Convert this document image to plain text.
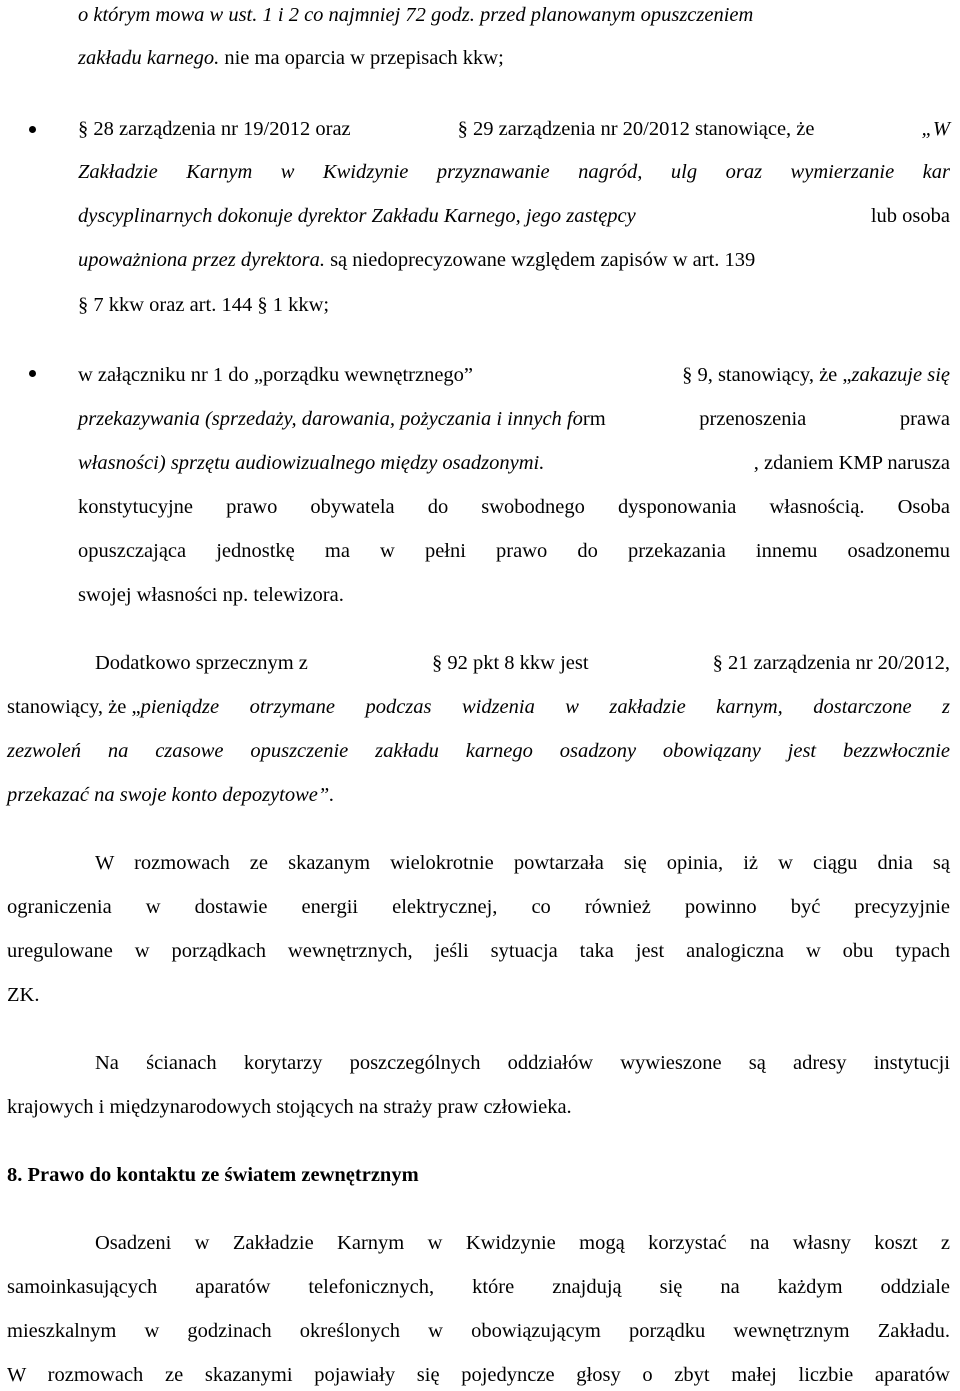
o którym mowa w ust. 1 i 2 co najmniej 72 godz. przed planowanym opuszczeniem
zakładu karnego. nie ma oparcia w przepisach kkw;
§ 28 zarządzenia nr 19/2012 oraz	§ 29 zarządzenia nr 20/2012 stanowiące, że	„W
Zakładzie Karnym w Kwidzynie przyznawanie nagród, ulg oraz wymierzanie kar
dyscyplinarnych dokonuje dyrektor Zakładu Karnego, jego zastępcy	lub osoba
upoważniona przez dyrektora. są niedoprecyzowane względem zapisów w art. 139
§ 7 kkw oraz art. 144 § 1 kkw;
w załączniku nr 1 do „porządku wewnętrznego”	§ 9, stanowiący, że „zakazuje się
przekazywania (sprzedaży, darowania, pożyczania i innych fo rm przenoszenia prawa
własności) sprzętu audiowizualnego między osadzonymi.	, zdaniem KMP narusza
konstytucyjne prawo obywatela do swobodnego dysponowania własnością. Osoba
opuszczająca jednostkę ma w pełni prawo do przekazania innemu osadzonemu
swojej własności np. telewizora.
Dodatkowo sprzecznym z	§ 92 pkt 8 kkw jest	§ 21 zarządzenia nr 20/2012,
stanowiący, że „ pieniądze otrzymane podczas widzenia w zakładzie karnym, dostarczone z
zezwoleń na czasowe opuszczenie zakładu karnego osadzony obowiązany jest bezzwłocznie
przekazać na swoje konto depozytowe”.
W rozmowach ze skazanym wielokrotnie powtarzała się opinia, iż w ciągu dnia są
ograniczenia w dostawie energii elektrycznej, co również powinno być precyzyjnie
uregulowane w porządkach wewnętrznych, jeśli sytuacja taka jest analogiczna w obu typach
ZK.
Na ścianach korytarzy poszczególnych oddziałów wywieszone są adresy instytucji
krajowych i międzynarodowych stojących na straży praw człowieka.
8. Prawo do kontaktu ze światem zewnętrznym
Osadzeni w Zakładzie Karnym w Kwidzynie mogą korzystać na własny koszt z
samoinkasujących aparatów telefonicznych, które znajdują się na każdym oddziale
mieszkalnym w godzinach określonych w obowiązującym porządku wewnętrznym Zakładu.
W rozmowach ze skazanymi pojawiały się pojedyncze głosy o zbyt małej liczbie aparatów
